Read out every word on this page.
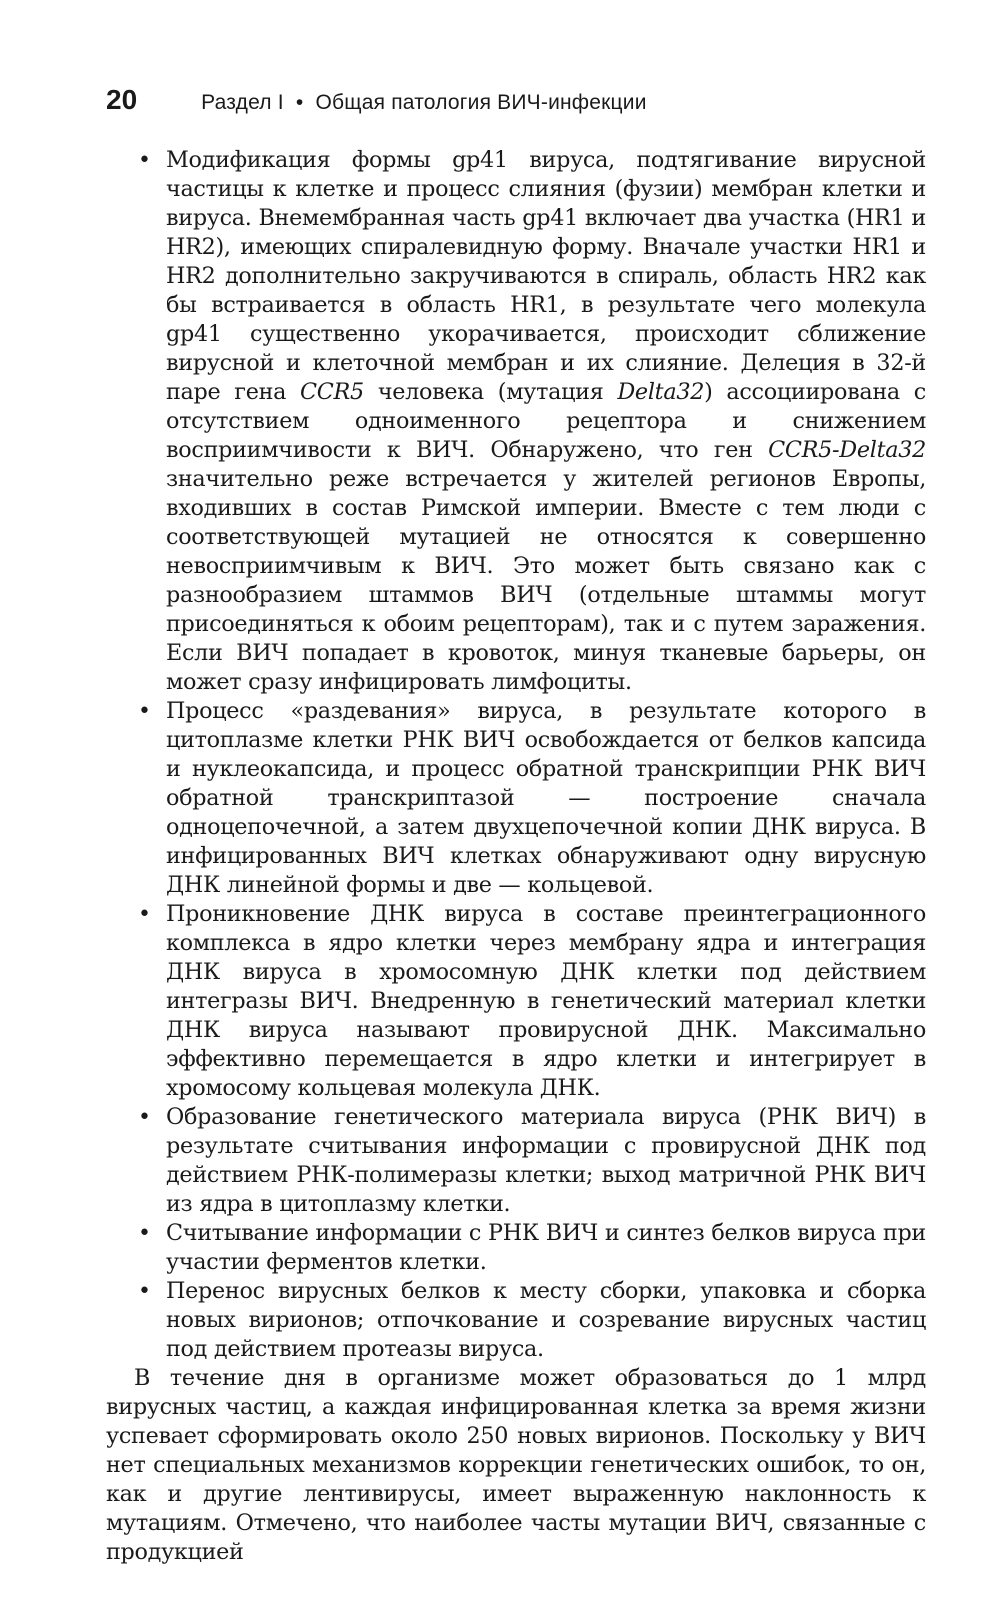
20	Раздел I • Общая патология ВИЧ-инфекции

• Модификация формы gp41 вируса, подтягивание вирусной частицы к клетке и процесс слияния (фузии) мембран клетки и вируса. Внемембранная часть gp41 включает два участка (HR1 и HR2), имеющих спиралевидную форму. Вначале участки HR1 и HR2 дополнительно закручиваются в спираль, область HR2 как бы встраивается в область HR1, в результате чего молекула gp41 существенно укорачивается, происходит сближение вирусной и клеточной мембран и их слияние. Делеция в 32-й паре гена CCR5 человека (мутация Delta32) ассоциирована с отсутствием одноименного рецептора и снижением восприимчивости к ВИЧ. Обнаружено, что ген CCR5-Delta32 значительно реже встречается у жителей регионов Европы, входивших в состав Римской империи. Вместе с тем люди с соответствующей мутацией не относятся к совершенно невосприимчивым к ВИЧ. Это может быть связано как с разнообразием штаммов ВИЧ (отдельные штаммы могут присоединяться к обоим рецепторам), так и с путем заражения. Если ВИЧ попадает в кровоток, минуя тканевые барьеры, он может сразу инфицировать лимфоциты.

• Процесс «раздевания» вируса, в результате которого в цитоплазме клетки РНК ВИЧ освобождается от белков капсида и нуклеокапсида, и процесс обратной транскрипции РНК ВИЧ обратной транскриптазой — построение сначала одноцепочечной, а затем двухцепочечной копии ДНК вируса. В инфицированных ВИЧ клетках обнаруживают одну вирусную ДНК линейной формы и две — кольцевой.

• Проникновение ДНК вируса в составе преинтеграционного комплекса в ядро клетки через мембрану ядра и интеграция ДНК вируса в хромосомную ДНК клетки под действием интегразы ВИЧ. Внедренную в генетический материал клетки ДНК вируса называют провирусной ДНК. Максимально эффективно перемещается в ядро клетки и интегрирует в хромосому кольцевая молекула ДНК.

• Образование генетического материала вируса (РНК ВИЧ) в результате считывания информации с провирусной ДНК под действием РНК-полимеразы клетки; выход матричной РНК ВИЧ из ядра в цитоплазму клетки.

• Считывание информации с РНК ВИЧ и синтез белков вируса при участии ферментов клетки.

• Перенос вирусных белков к месту сборки, упаковка и сборка новых вирионов; отпочкование и созревание вирусных частиц под действием протеазы вируса.

В течение дня в организме может образоваться до 1 млрд вирусных частиц, а каждая инфицированная клетка за время жизни успевает сформировать около 250 новых вирионов. Поскольку у ВИЧ нет специальных механизмов коррекции генетических ошибок, то он, как и другие лентивирусы, имеет выраженную наклонность к мутациям. Отмечено, что наиболее часты мутации ВИЧ, связанные с продукцией
